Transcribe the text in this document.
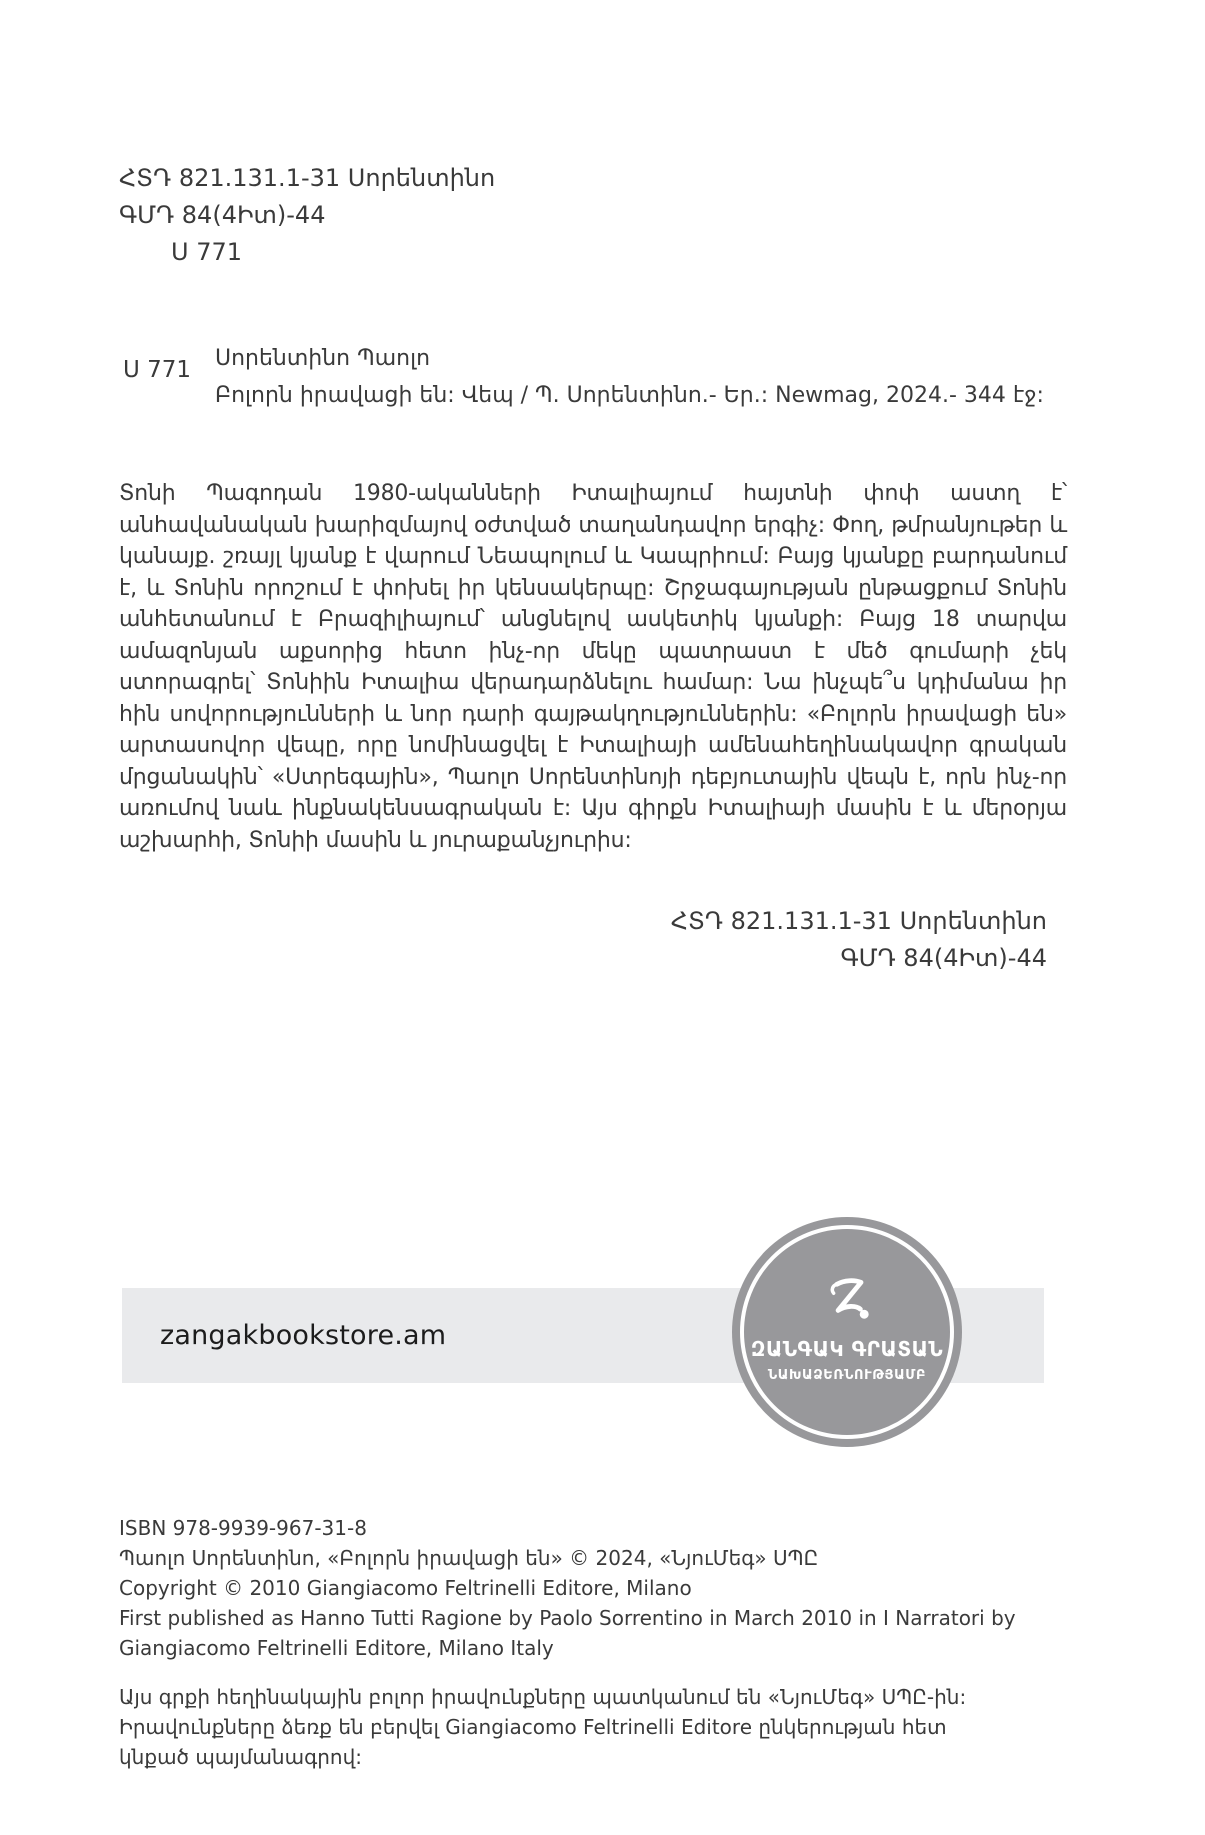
ՀՏԴ 821.131.1-31 Սորենտինո
ԳՄԴ 84(4Իտ)-44
Ս 771
Ս 771 Սորենտինո Պաոլո
Բոլորն իրավացի են: Վեպ / Պ. Սորենտինո.- Եր.: Newmag, 2024.- 344 էջ:
Տոնի Պագոդան 1980-ականների Իտալիայում հայտնի փոփ աստղ է՝ անհավանական խարիզմայով օժտված տաղանդավոր երգիչ: Փող, թմրանյութեր և կանայք. շռայլ կյանք է վարում Նեապոլում և Կապրիում: Բայց կյանքը բարդանում է, և Տոնին որոշում է փոխել իր կենսակերպը: Շրջագայության ընթացքում Տոնին անհետանում է Բրազիլիայում՝ անցնելով ասկետիկ կյանքի: Բայց 18 տարվա ամազոնյան աքսորից հետո ինչ-որ մեկը պատրաստ է մեծ գումարի չեկ ստորագրել՝ Տոնիին Իտալիա վերադարձնելու համար: Նա ինչպե՞ս կդիմանա իր հին սովորությունների և նոր դարի գայթակղություններին: «Բոլորն իրավացի են» արտասովոր վեպը, որը նոմինացվել է Իտալիայի ամենահեղինակավոր գրական մրցանակին՝ «Ստրեգային», Պաոլո Սորենտինոյի դեբյուտային վեպն է, որն ինչ-որ առումով նաև ինքնակենսագրական է: Այս գիրքն Իտալիայի մասին է և մերօրյա աշխարհի, Տոնիի մասին և յուրաքանչյուրիս:
ՀՏԴ 821.131.1-31 Սորենտինո
ԳՄԴ 84(4Իտ)-44
zangakbookstore.am	ԶԱՆԳԱԿ ԳՐԱՏԱՆ
ՆԱԽԱՁԵՌՆՈՒԹՅԱՄԲ
ISBN 978-9939-967-31-8
Պաոլո Սորենտինո, «Բոլորն իրավացի են» © 2024, «ՆյուՄեգ» ՍՊԸ
Copyright © 2010 Giangiacomo Feltrinelli Editore, Milano
First published as Hanno Tutti Ragione by Paolo Sorrentino in March 2010 in I Narratori by
Giangiacomo Feltrinelli Editore, Milano Italy
Այս գրքի հեղինակային բոլոր իրավունքները պատկանում են «ՆյուՄեգ» ՍՊԸ-ին: Իրավունքները ձեռք են բերվել Giangiacomo Feltrinelli Editore ընկերության հետ կնքած պայմանագրով:
